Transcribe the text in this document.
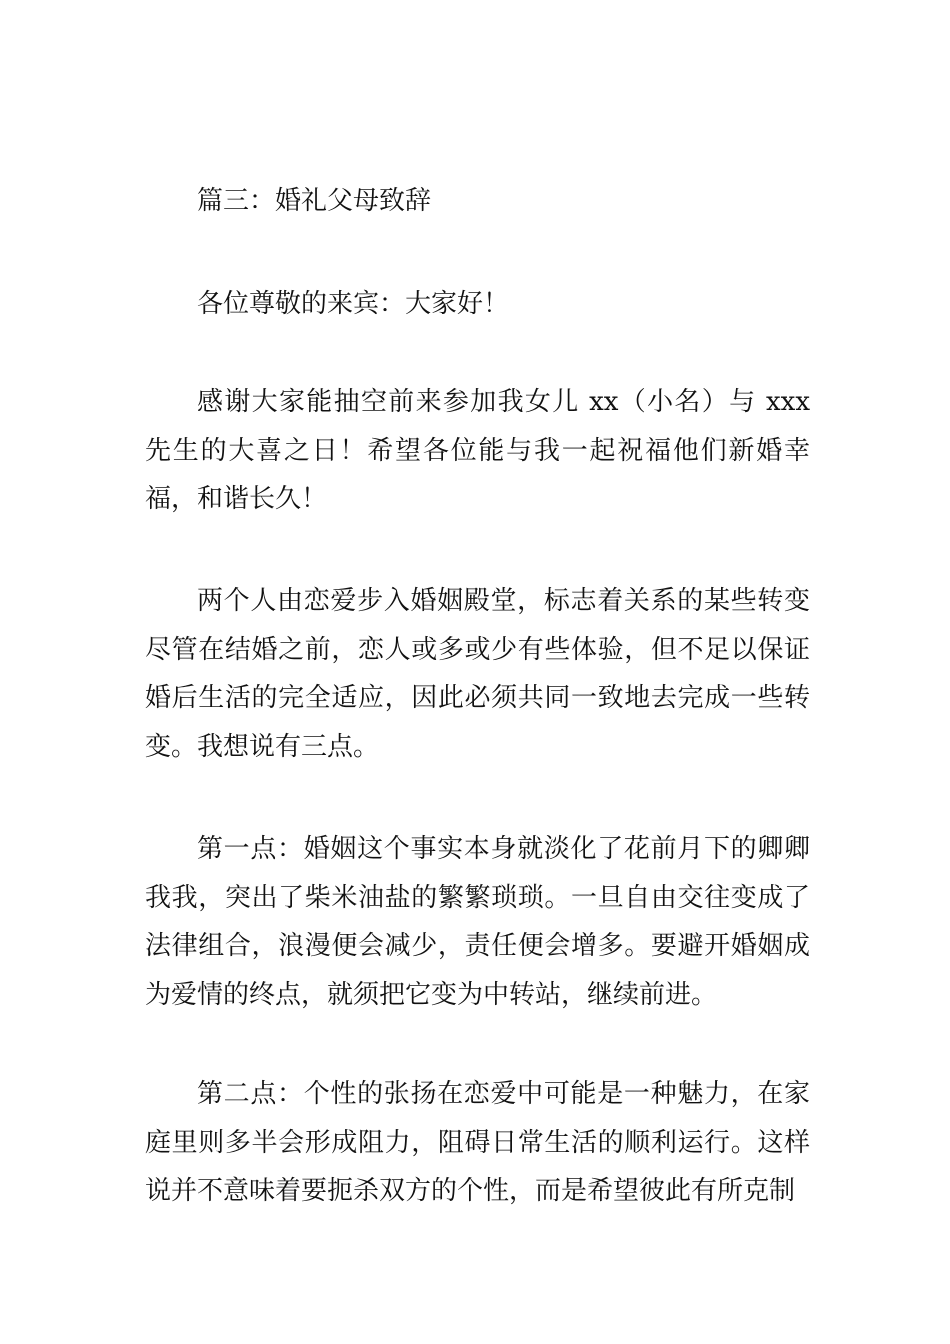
篇三：婚礼父母致辞
各位尊敬的来宾：大家好！
感谢大家能抽空前来参加我女儿 xx（小名）与 xxx 先生的大喜之日！希望各位能与我一起祝福他们新婚幸福，和谐长久！
两个人由恋爱步入婚姻殿堂，标志着关系的某些转变尽管在结婚之前，恋人或多或少有些体验，但不足以保证婚后生活的完全适应，因此必须共同一致地去完成一些转变。我想说有三点。
第一点：婚姻这个事实本身就淡化了花前月下的卿卿我我，突出了柴米油盐的繁繁琐琐。一旦自由交往变成了法律组合，浪漫便会减少，责任便会增多。要避开婚姻成为爱情的终点，就须把它变为中转站，继续前进。
第二点：个性的张扬在恋爱中可能是一种魅力，在家庭里则多半会形成阻力，阻碍日常生活的顺利运行。这样说并不意味着要扼杀双方的个性，而是希望彼此有所克制
